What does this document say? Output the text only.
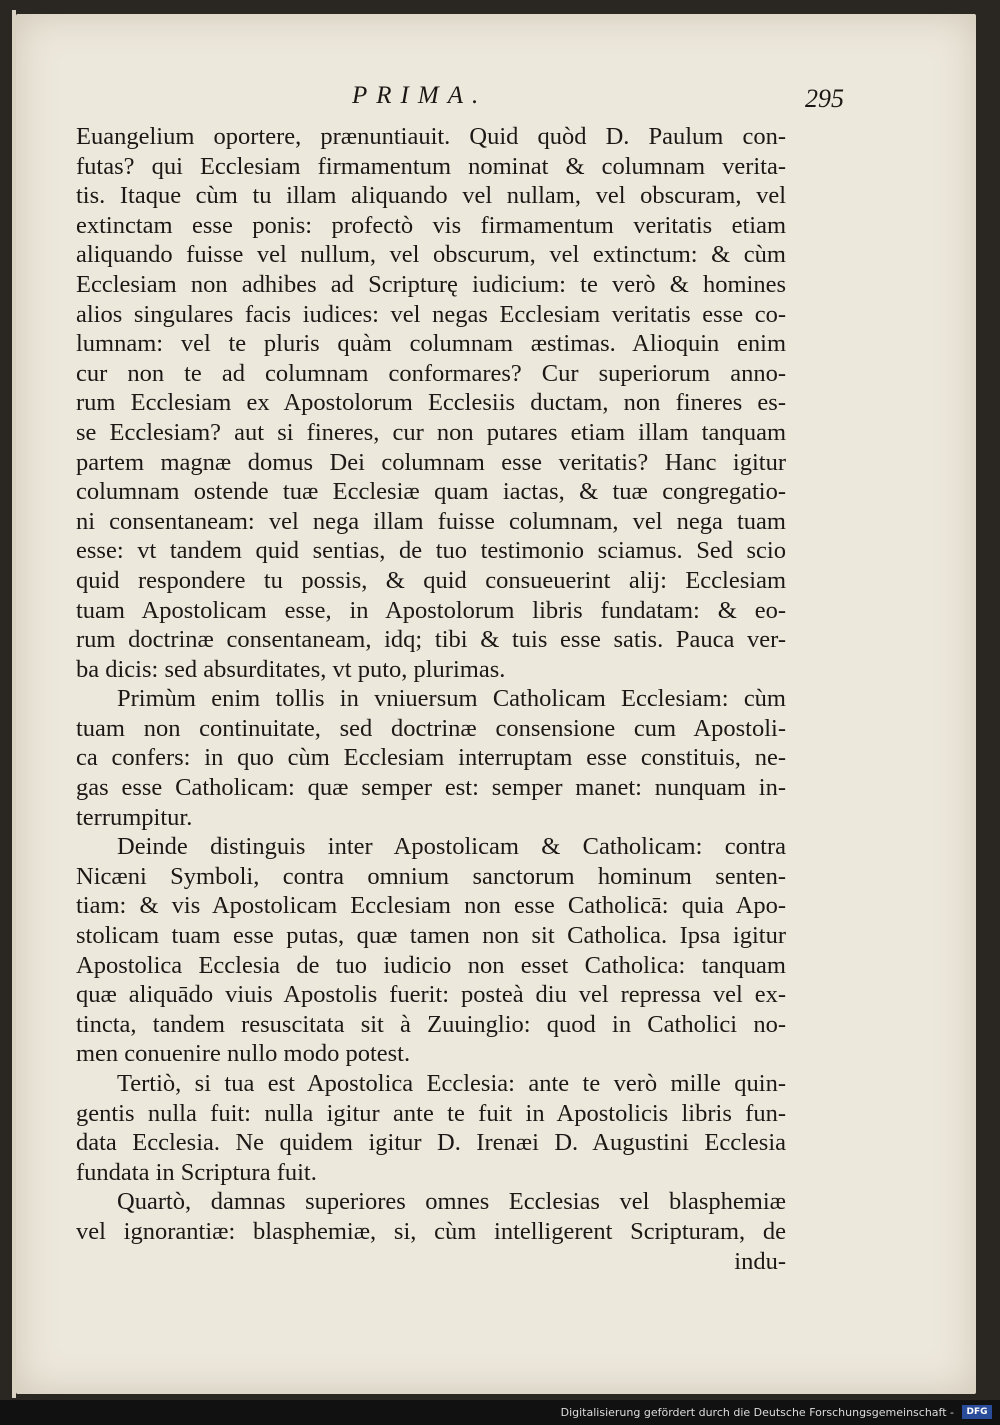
PRIMA.	295
Euangelium oportere, prænuntiauit. Quid quòd D. Paulum con-
futas? qui Ecclesiam firmamentum nominat & columnam verita-
tis. Itaque cùm tu illam aliquando vel nullam, vel obscuram, vel
extinctam esse ponis: profectò vis firmamentum veritatis etiam
aliquando fuisse vel nullum, vel obscurum, vel extinctum: & cùm
Ecclesiam non adhibes ad Scripturę iudicium: te verò & homines
alios singulares facis iudices: vel negas Ecclesiam veritatis esse co-
lumnam: vel te pluris quàm columnam æstimas. Alioquin enim
cur non te ad columnam conformares? Cur superiorum anno-
rum Ecclesiam ex Apostolorum Ecclesiis ductam, non fineres es-
se Ecclesiam? aut si fineres, cur non putares etiam illam tanquam
partem magnæ domus Dei columnam esse veritatis? Hanc igitur
columnam ostende tuæ Ecclesiæ quam iactas, & tuæ congregatio-
ni consentaneam: vel nega illam fuisse columnam, vel nega tuam
esse: vt tandem quid sentias, de tuo testimonio sciamus. Sed scio
quid respondere tu possis, & quid consueuerint alij: Ecclesiam
tuam Apostolicam esse, in Apostolorum libris fundatam: & eo-
rum doctrinæ consentaneam, idq; tibi & tuis esse satis. Pauca ver-
ba dicis: sed absurditates, vt puto, plurimas.
Primùm enim tollis in vniuersum Catholicam Ecclesiam: cùm
tuam non continuitate, sed doctrinæ consensione cum Apostoli-
ca confers: in quo cùm Ecclesiam interruptam esse constituis, ne-
gas esse Catholicam: quæ semper est: semper manet: nunquam in-
terrumpitur.
Deinde distinguis inter Apostolicam & Catholicam: contra
Nicæni Symboli, contra omnium sanctorum hominum senten-
tiam: & vis Apostolicam Ecclesiam non esse Catholicā: quia Apo-
stolicam tuam esse putas, quæ tamen non sit Catholica. Ipsa igitur
Apostolica Ecclesia de tuo iudicio non esset Catholica: tanquam
quæ aliquādo viuis Apostolis fuerit: posteà diu vel repressa vel ex-
tincta, tandem resuscitata sit à Zuuinglio: quod in Catholici no-
men conuenire nullo modo potest.
Tertiò, si tua est Apostolica Ecclesia: ante te verò mille quin-
gentis nulla fuit: nulla igitur ante te fuit in Apostolicis libris fun-
data Ecclesia. Ne quidem igitur D. Irenæi D. Augustini Ecclesia
fundata in Scriptura fuit.
Quartò, damnas superiores omnes Ecclesias vel blasphemiæ
vel ignorantiæ: blasphemiæ, si, cùm intelligerent Scripturam, de
indu-
Digitalisierung gefördert durch die Deutsche Forschungsgemeinschaft -	DFG
